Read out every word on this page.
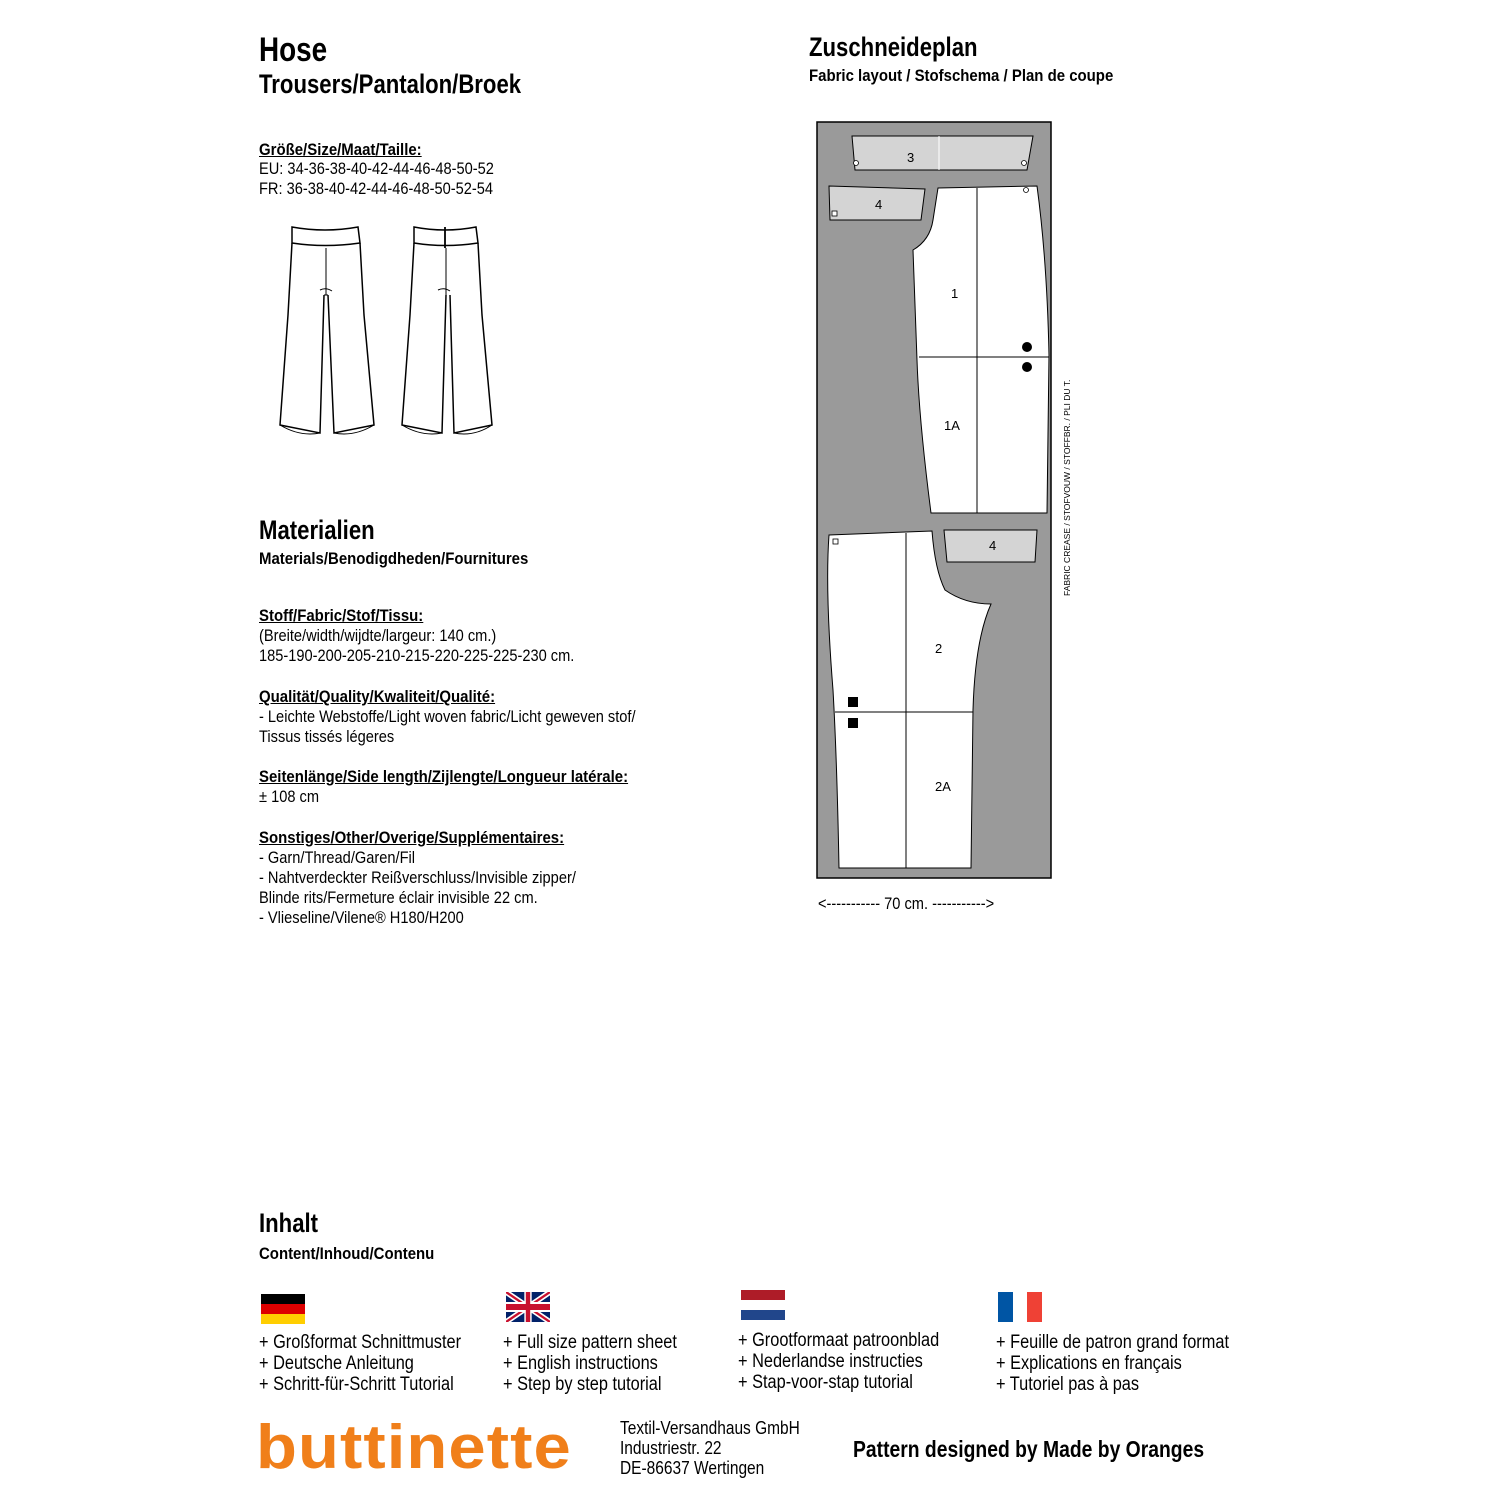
Hose
Trousers/Pantalon/Broek
Größe/Size/Maat/Taille:
EU: 34-36-38-40-42-44-46-48-50-52
FR: 36-38-40-42-44-46-48-50-52-54
Materialien
Materials/Benodigdheden/Fournitures
Stoff/Fabric/Stof/Tissu:
(Breite/width/wijdte/largeur: 140 cm.)
185-190-200-205-210-215-220-225-225-230 cm.
Qualität/Quality/Kwaliteit/Qualité:
- Leichte Webstoffe/Light woven fabric/Licht geweven stof/
Tissus tissés légeres
Seitenlänge/Side length/Zijlengte/Longueur latérale:
± 108 cm
Sonstiges/Other/Overige/Supplémentaires:
- Garn/Thread/Garen/Fil
- Nahtverdeckter Reißverschluss/Invisible zipper/
Blinde rits/Fermeture éclair invisible 22 cm.
- Vlieseline/Vilene® H180/H200
Zuschneideplan
Fabric layout / Stofschema / Plan de coupe
3
4
1
1A
4
2
2A
FABRIC CREASE / STOFVOUW / STOFFBR. / PLI DU T.
<----------- 70 cm. ----------->
Inhalt
Content/Inhoud/Contenu
+ Großformat Schnittmuster
+ Deutsche Anleitung
+ Schritt-für-Schritt Tutorial
+ Full size pattern sheet
+ English instructions
+ Step by step tutorial
+ Grootformaat patroonblad
+ Nederlandse instructies
+ Stap-voor-stap tutorial
+ Feuille de patron grand format
+ Explications en français
+ Tutoriel pas à pas
buttinette	Textil-Versandhaus GmbH
Industriestr. 22
DE-86637 Wertingen
Pattern designed by Made by Oranges
